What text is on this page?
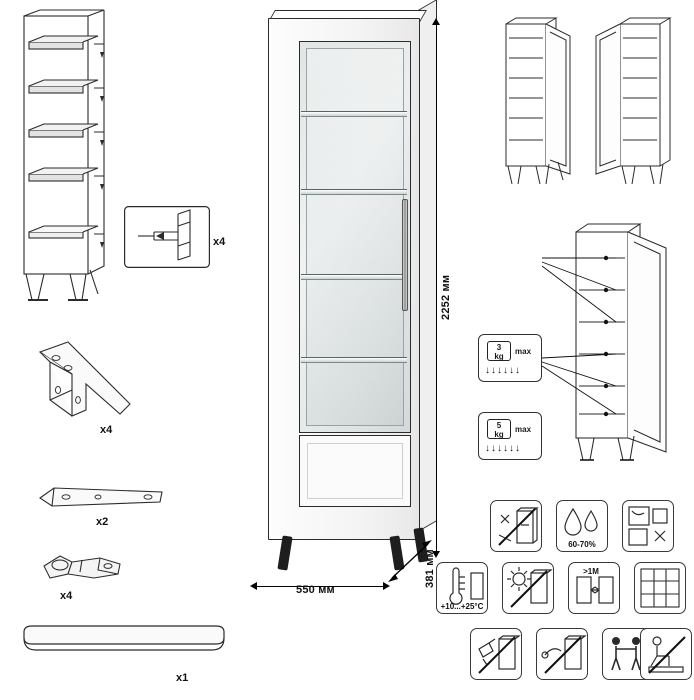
x4
x4
x2
x4
x1
2252 мм
550 мм
381 мм
3
kg
max
↓↓↓↓↓↓
5
kg
max
↓↓↓↓↓↓
60-70%
+10...+25°C
>1M
